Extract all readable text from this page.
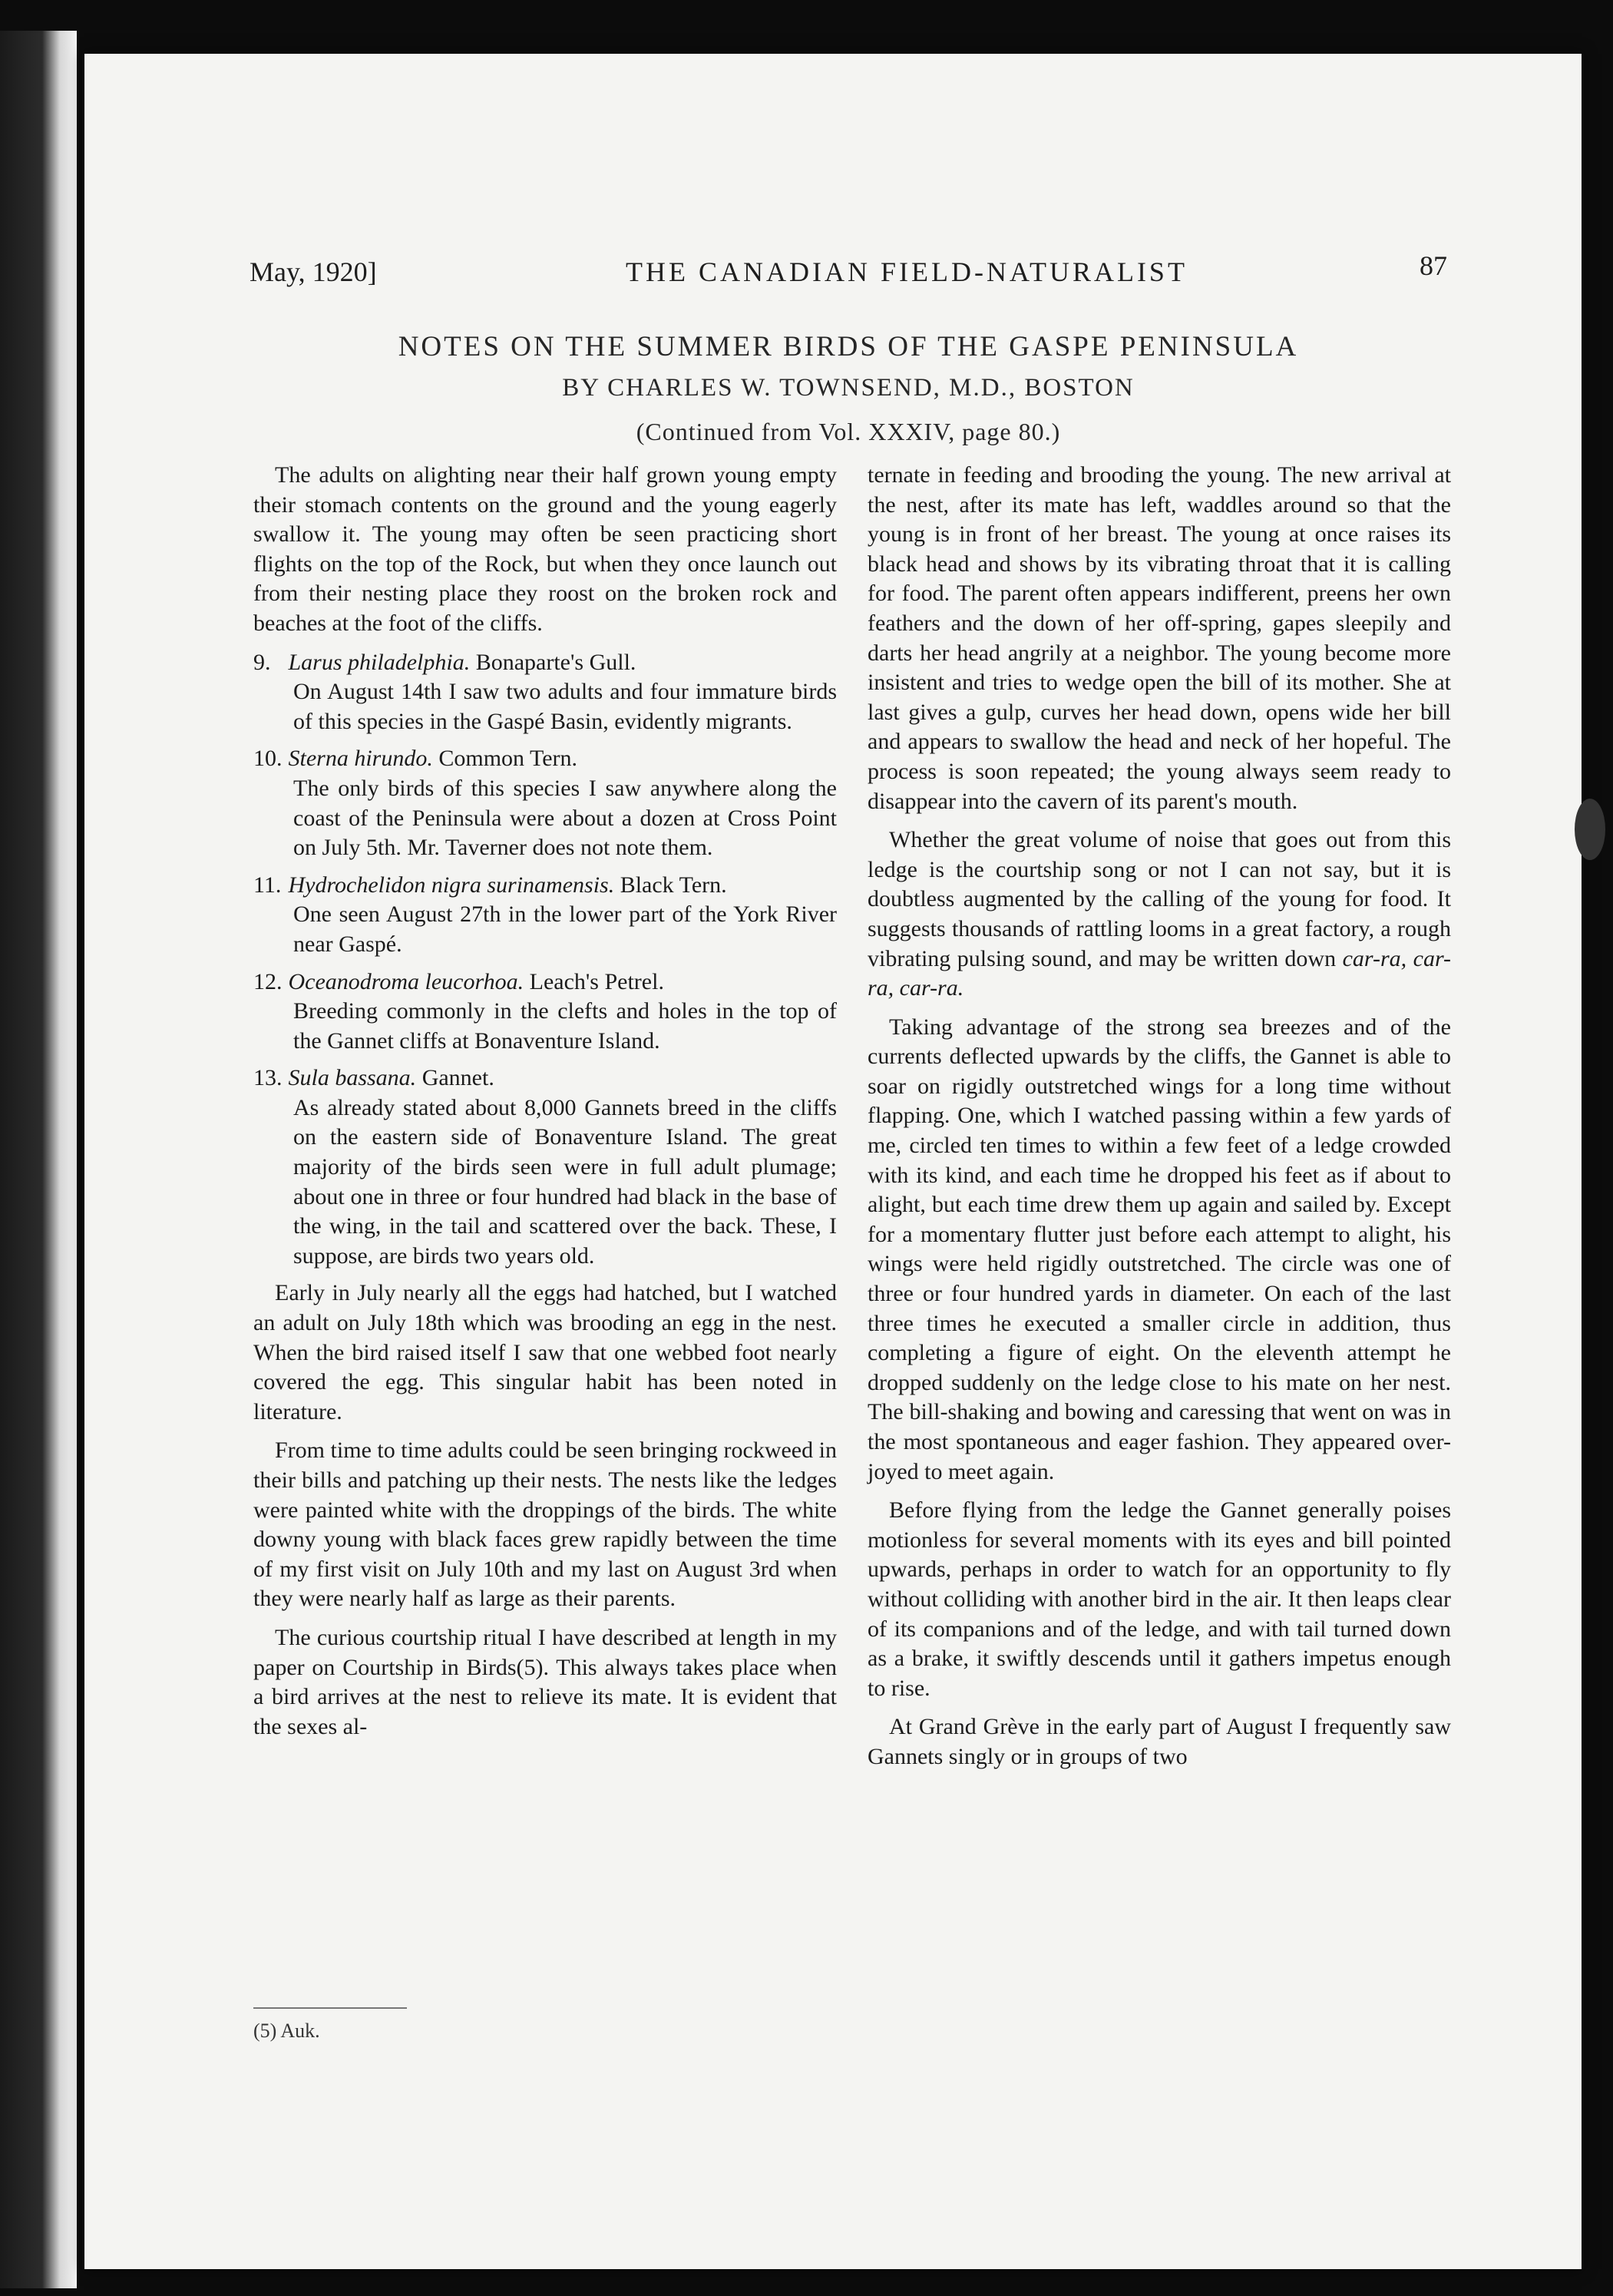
May, 1920]	THE CANADIAN FIELD-NATURALIST	87
NOTES ON THE SUMMER BIRDS OF THE GASPE PENINSULA
BY CHARLES W. TOWNSEND, M.D., BOSTON
(Continued from Vol. XXXIV, page 80.)

The adults on alighting near their half grown young empty their stomach contents on the ground and the young eagerly swallow it. The young may often be seen practicing short flights on the top of the Rock, but when they once launch out from their nesting place they roost on the broken rock and beaches at the foot of the cliffs.

9. Larus philadelphia. Bonaparte's Gull.
On August 14th I saw two adults and four immature birds of this species in the Gaspé Basin, evidently migrants.
10. Sterna hirundo. Common Tern.
The only birds of this species I saw anywhere along the coast of the Peninsula were about a dozen at Cross Point on July 5th. Mr. Taverner does not note them.
11. Hydrochelidon nigra surinamensis. Black Tern.
One seen August 27th in the lower part of the York River near Gaspé.
12. Oceanodroma leucorhoa. Leach's Petrel.
Breeding commonly in the clefts and holes in the top of the Gannet cliffs at Bonaventure Island.
13. Sula bassana. Gannet.
As already stated about 8,000 Gannets breed in the cliffs on the eastern side of Bonaventure Island. The great majority of the birds seen were in full adult plumage; about one in three or four hundred had black in the base of the wing, in the tail and scattered over the back. These, I suppose, are birds two years old.

Early in July nearly all the eggs had hatched, but I watched an adult on July 18th which was brooding an egg in the nest. When the bird raised itself I saw that one webbed foot nearly covered the egg. This singular habit has been noted in literature.

From time to time adults could be seen bringing rockweed in their bills and patching up their nests. The nests like the ledges were painted white with the droppings of the birds. The white downy young with black faces grew rapidly between the time of my first visit on July 10th and my last on August 3rd when they were nearly half as large as their parents.

The curious courtship ritual I have described at length in my paper on Courtship in Birds(5). This always takes place when a bird arrives at the nest to relieve its mate. It is evident that the sexes al-

(5) Auk.

ternate in feeding and brooding the young. The new arrival at the nest, after its mate has left, waddles around so that the young is in front of her breast. The young at once raises its black head and shows by its vibrating throat that it is calling for food. The parent often appears indifferent, preens her own feathers and the down of her off-spring, gapes sleepily and darts her head angrily at a neighbor. The young become more insistent and tries to wedge open the bill of its mother. She at last gives a gulp, curves her head down, opens wide her bill and appears to swallow the head and neck of her hopeful. The process is soon repeated; the young always seem ready to disappear into the cavern of its parent's mouth.

Whether the great volume of noise that goes out from this ledge is the courtship song or not I can not say, but it is doubtless augmented by the calling of the young for food. It suggests thousands of rattling looms in a great factory, a rough vibrating pulsing sound, and may be written down car-ra, car-ra, car-ra.

Taking advantage of the strong sea breezes and of the currents deflected upwards by the cliffs, the Gannet is able to soar on rigidly outstretched wings for a long time without flapping. One, which I watched passing within a few yards of me, circled ten times to within a few feet of a ledge crowded with its kind, and each time he dropped his feet as if about to alight, but each time drew them up again and sailed by. Except for a momentary flutter just before each attempt to alight, his wings were held rigidly outstretched. The circle was one of three or four hundred yards in diameter. On each of the last three times he executed a smaller circle in addition, thus completing a figure of eight. On the eleventh attempt he dropped suddenly on the ledge close to his mate on her nest. The bill-shaking and bowing and caressing that went on was in the most spontaneous and eager fashion. They appeared over-joyed to meet again.

Before flying from the ledge the Gannet generally poises motionless for several moments with its eyes and bill pointed upwards, perhaps in order to watch for an opportunity to fly without colliding with another bird in the air. It then leaps clear of its companions and of the ledge, and with tail turned down as a brake, it swiftly descends until it gathers impetus enough to rise.

At Grand Grève in the early part of August I frequently saw Gannets singly or in groups of two
